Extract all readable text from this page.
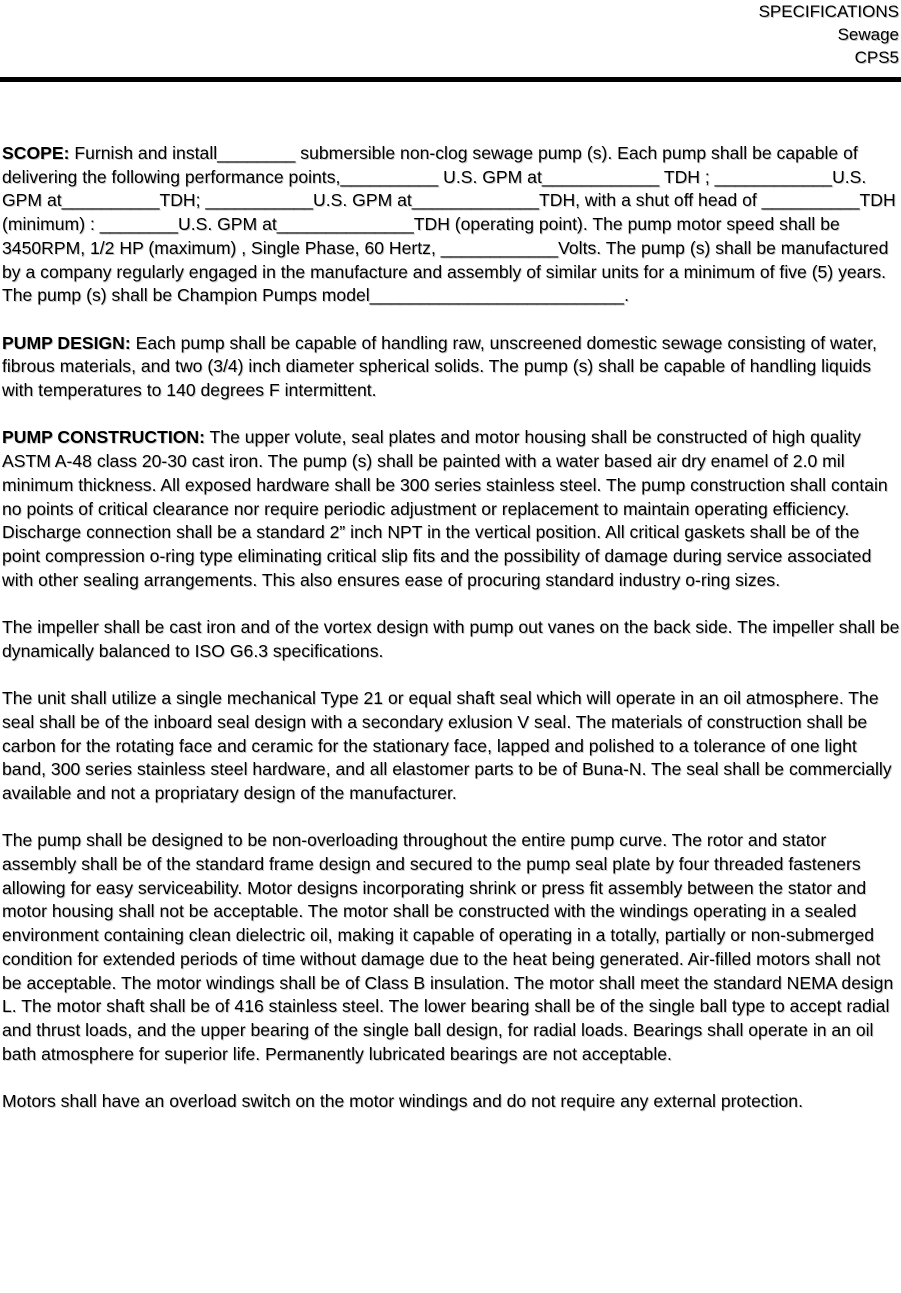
SPECIFICATIONS
Sewage
CPS5

SCOPE: Furnish and install________ submersible non-clog sewage pump (s). Each pump shall be capable of delivering the following performance points,__________ U.S. GPM at____________ TDH ; ____________U.S. GPM at__________TDH; ___________U.S. GPM at_____________TDH, with a shut off head of __________TDH (minimum) : ________U.S. GPM at______________TDH (operating point). The pump motor speed shall be 3450RPM, 1/2 HP (maximum) , Single Phase, 60 Hertz, ____________Volts. The pump (s) shall be manufactured by a company regularly engaged in the manufacture and assembly of similar units for a minimum of five (5) years. The pump (s) shall be Champion Pumps model__________________________.

PUMP DESIGN: Each pump shall be capable of handling raw, unscreened domestic sewage consisting of water, fibrous materials, and two (3/4) inch diameter spherical solids. The pump (s) shall be capable of handling liquids with temperatures to 140 degrees F intermittent.

PUMP CONSTRUCTION: The upper volute, seal plates and motor housing shall be constructed of high quality ASTM A-48 class 20-30 cast iron. The pump (s) shall be painted with a water based air dry enamel of 2.0 mil minimum thickness. All exposed hardware shall be 300 series stainless steel. The pump construction shall contain no points of critical clearance nor require periodic adjustment or replacement to maintain operating efficiency. Discharge connection shall be a standard 2” inch NPT in the vertical position. All critical gaskets shall be of the point compression o-ring type eliminating critical slip fits and the possibility of damage during service associated with other sealing arrangements. This also ensures ease of procuring standard industry o-ring sizes.

The impeller shall be cast iron and of the vortex design with pump out vanes on the back side. The impeller shall be dynamically balanced to ISO G6.3 specifications.

The unit shall utilize a single mechanical Type 21 or equal shaft seal which will operate in an oil atmosphere. The seal shall be of the inboard seal design with a secondary exlusion V seal. The materials of construction shall be carbon for the rotating face and ceramic for the stationary face, lapped and polished to a tolerance of one light band, 300 series stainless steel hardware, and all elastomer parts to be of Buna-N. The seal shall be commercially available and not a propriatary design of the manufacturer.

The pump shall be designed to be non-overloading throughout the entire pump curve. The rotor and stator assembly shall be of the standard frame design and secured to the pump seal plate by four threaded fasteners allowing for easy serviceability. Motor designs incorporating shrink or press fit assembly between the stator and motor housing shall not be acceptable. The motor shall be constructed with the windings operating in a sealed environment containing clean dielectric oil, making it capable of operating in a totally, partially or non-submerged condition for extended periods of time without damage due to the heat being generated. Air-filled motors shall not be acceptable. The motor windings shall be of Class B insulation. The motor shall meet the standard NEMA design L. The motor shaft shall be of 416 stainless steel. The lower bearing shall be of the single ball type to accept radial and thrust loads, and the upper bearing of the single ball design, for radial loads. Bearings shall operate in an oil bath atmosphere for superior life. Permanently lubricated bearings are not acceptable.

Motors shall have an overload switch on the motor windings and do not require any external protection.
